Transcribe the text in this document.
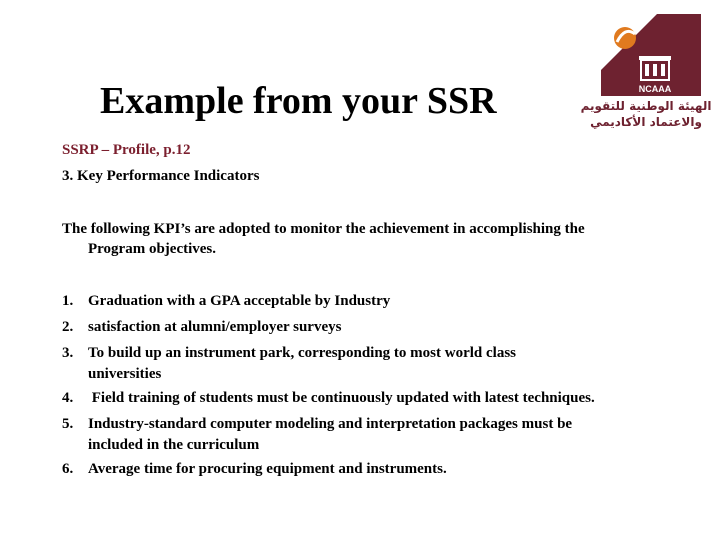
NCAAA
الهيئة الوطنية للتقويم
والاعتماد الأكاديمي
Example from your SSR
SSRP – Profile, p.12
3. Key Performance Indicators
The following KPI’s are adopted to monitor the achievement in accomplishing the
Program objectives.
1. Graduation with a GPA acceptable by Industry
2. satisfaction at alumni/employer surveys
3. To build up an instrument park, corresponding to most world class
universities
4. Field training of students must be continuously updated with latest techniques.
5. Industry-standard computer modeling and interpretation packages must be
included in the curriculum
6. Average time for procuring equipment and instruments.
